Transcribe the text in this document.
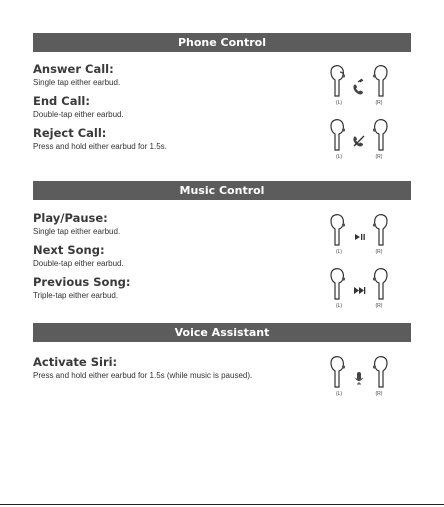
Phone Control
Music Control
Voice Assistant
Answer Call:
Single tap either earbud.
End Call:
Double-tap either earbud.
Reject Call:
Press and hold either earbud for 1.5s.
Play/Pause:
Single tap either earbud.
Next Song:
Double-tap either earbud.
Previous Song:
Triple-tap either earbud.
Activate Siri:
Press and hold either earbud for 1.5s (while music is paused).
(L)	(R)
(L)	(R)
(L)	(R)
(L)	(R)
(L)	(R)
